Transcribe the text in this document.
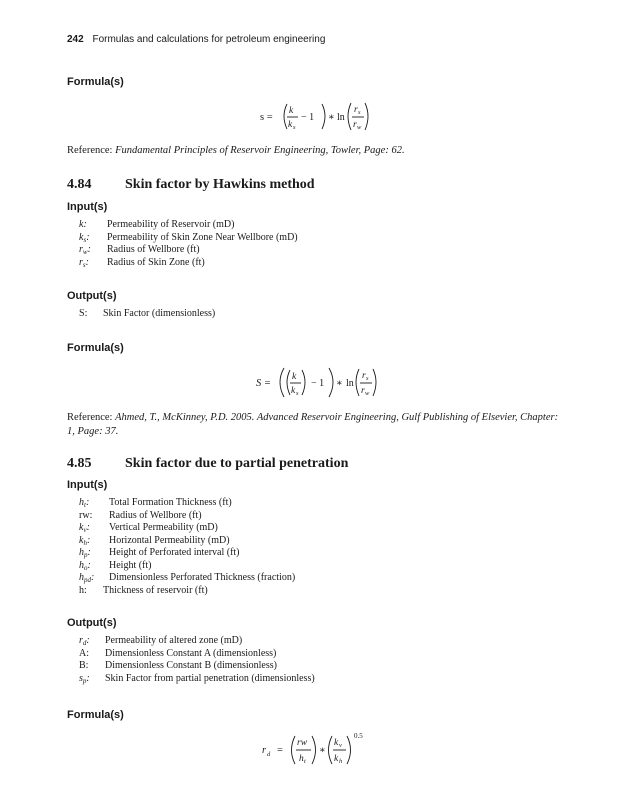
242 Formulas and calculations for petroleum engineering
Formula(s)
s =
k
k s
− 1 ∗ ln
r s
r w
Reference: Fundamental Principles of Reservoir Engineering, Towler, Page: 62.
4.84 Skin factor by Hawkins method
Input(s)
k: Permeability of Reservoir (mD)
$k_s$: Permeability of Skin Zone Near Wellbore (mD)
$r_w$: Radius of Wellbore (ft)
$r_s$: Radius of Skin Zone (ft)
Output(s)
S: Skin Factor (dimensionless)
Formula(s)
S =
k
k s
− 1 ∗ ln
r s
r w
Reference: Ahmed, T., McKinney, P.D. 2005. Advanced Reservoir Engineering, Gulf Publishing of Elsevier, Chapter: 1, Page: 37.
4.85 Skin factor due to partial penetration
Input(s)
$h_t$: Total Formation Thickness (ft)
rw: Radius of Wellbore (ft)
$k_v$: Vertical Permeability (mD)
$k_h$: Horizontal Permeability (mD)
$h_p$: Height of Perforated interval (ft)
$h_o$: Height (ft)
$h_{pd}$: Dimensionless Perforated Thickness (fraction)
h: Thickness of reservoir (ft)
Output(s)
$r_d$: Permeability of altered zone (mD)
A: Dimensionless Constant A (dimensionless)
B: Dimensionless Constant B (dimensionless)
$s_p$: Skin Factor from partial penetration (dimensionless)
Formula(s)
r d =
rw
h t
∗
k v
k h
0.5
